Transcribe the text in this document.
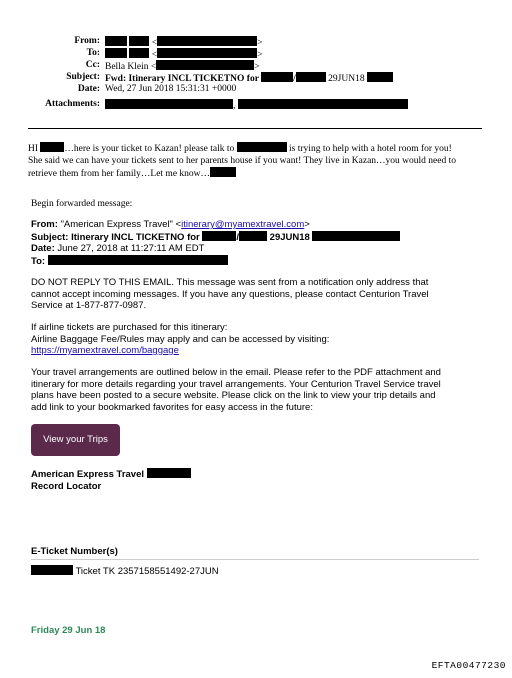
From:	<	>
To:	<	>
Cc: Bella Klein <	>
Subject: Fwd: Itinerary INCL TICKETNO for	/	29JUN18
Date: Wed, 27 Jun 2018 15:31:31 +0000
Attachments:	,
HI	…here is your ticket to Kazan! please talk to	is trying to help with a hotel room for you!
She said we can have your tickets sent to her parents house if you want! They live in Kazan…you would need to
retrieve them from her family…Let me know…
Begin forwarded message:
From: "American Express Travel" <itinerary@myamextravel.com>
Subject: Itinerary INCL TICKETNO for	/	29JUN18
Date: June 27, 2018 at 11:27:11 AM EDT
To:
DO NOT REPLY TO THIS EMAIL. This message was sent from a notification only address that
cannot accept incoming messages. If you have any questions, please contact Centurion Travel
Service at 1-877-877-0987.
If airline tickets are purchased for this itinerary:
Airline Baggage Fee/Rules may apply and can be accessed by visiting:
https://myamextravel.com/baggage
Your travel arrangements are outlined below in the email. Please refer to the PDF attachment and
itinerary for more details regarding your travel arrangements. Your Centurion Travel Service travel
plans have been posted to a secure website. Please click on the link to view your trip details and
add link to your bookmarked favorites for easy access in the future:
View your Trips
American Express Travel
Record Locator
E-Ticket Number(s)
Ticket TK 2357158551492-27JUN
Friday 29 Jun 18
EFTA00477230
